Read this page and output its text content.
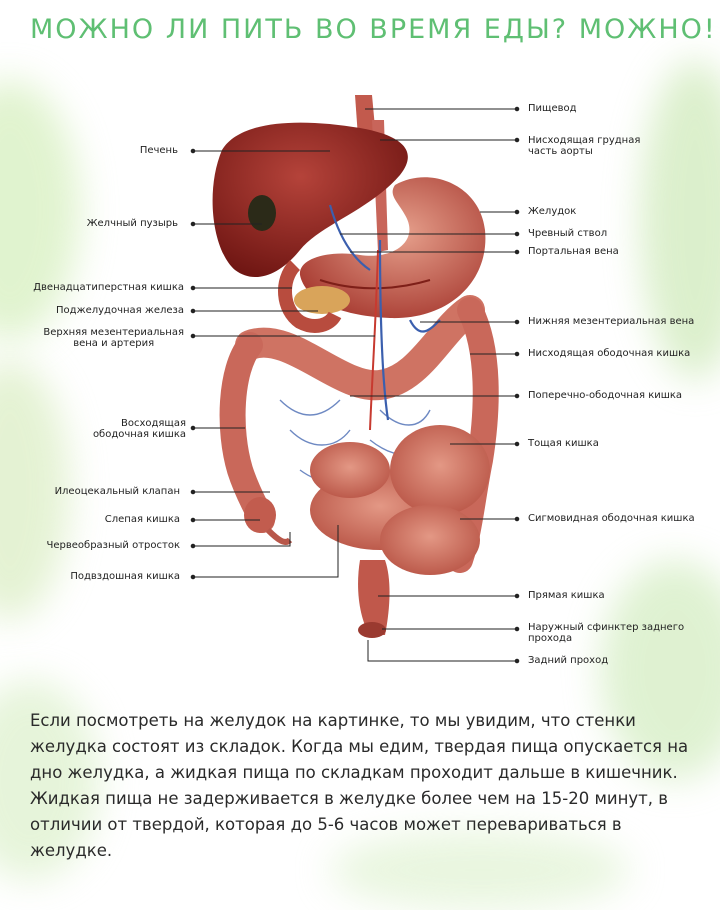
МОЖНО ЛИ ПИТЬ ВО ВРЕМЯ ЕДЫ? МОЖНО!
Печень
Желчный пузырь
Двенадцатиперстная кишка
Поджелудочная железа
Верхняя мезентериальная
вена и артерия
Восходящая
ободочная кишка
Илеоцекальный клапан
Слепая кишка
Червеобразный отросток
Подвздошная кишка
Пищевод
Нисходящая грудная
часть аорты
Желудок
Чревный ствол
Портальная вена
Нижняя мезентериальная вена
Нисходящая ободочная кишка
Поперечно-ободочная кишка
Тощая кишка
Сигмовидная ободочная кишка
Прямая кишка
Наружный сфинктер заднего
прохода
Задний проход
Если посмотреть на желудок на картинке, то мы увидим, что стенки желудка состоят из складок. Когда мы едим, твердая пища опускается на дно желудка, а жидкая пища по складкам проходит дальше в кишечник. Жидкая пища не задерживается в желудке более чем на 15-20 минут, в отличии от твердой, которая до 5-6 часов может перевариваться в желудке.
